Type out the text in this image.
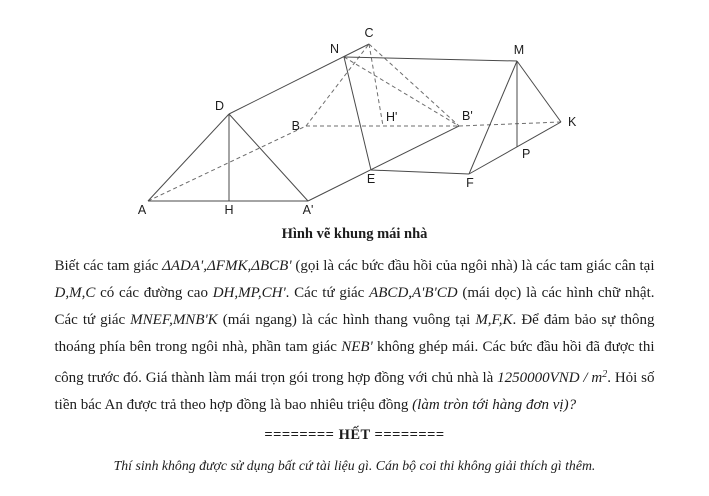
A	H	A'
D
B
H'	B'
C
N	M
K
P
F
E
Hình vẽ khung mái nhà

Biết các tam giác ΔADA',ΔFMK,ΔBCB' (gọi là các bức đầu hồi của ngôi nhà) là các tam giác cân tại D,M,C có các đường cao DH,MP,CH'. Các tứ giác ABCD,A'B'CD (mái dọc) là các hình chữ nhật. Các tứ giác MNEF,MNB'K (mái ngang) là các hình thang vuông tại M,F,K. Để đảm bảo sự thông thoáng phía bên trong ngôi nhà, phần tam giác NEB' không ghép mái. Các bức đầu hồi đã được thi công trước đó. Giá thành làm mái trọn gói trong hợp đồng với chủ nhà là $1250000VND / m^2$. Hỏi số tiền bác An được trả theo hợp đồng là bao nhiêu triệu đồng (làm tròn tới hàng đơn vị)?

======== HẾT ========
Thí sinh không được sử dụng bất cứ tài liệu gì. Cán bộ coi thi không giải thích gì thêm.
